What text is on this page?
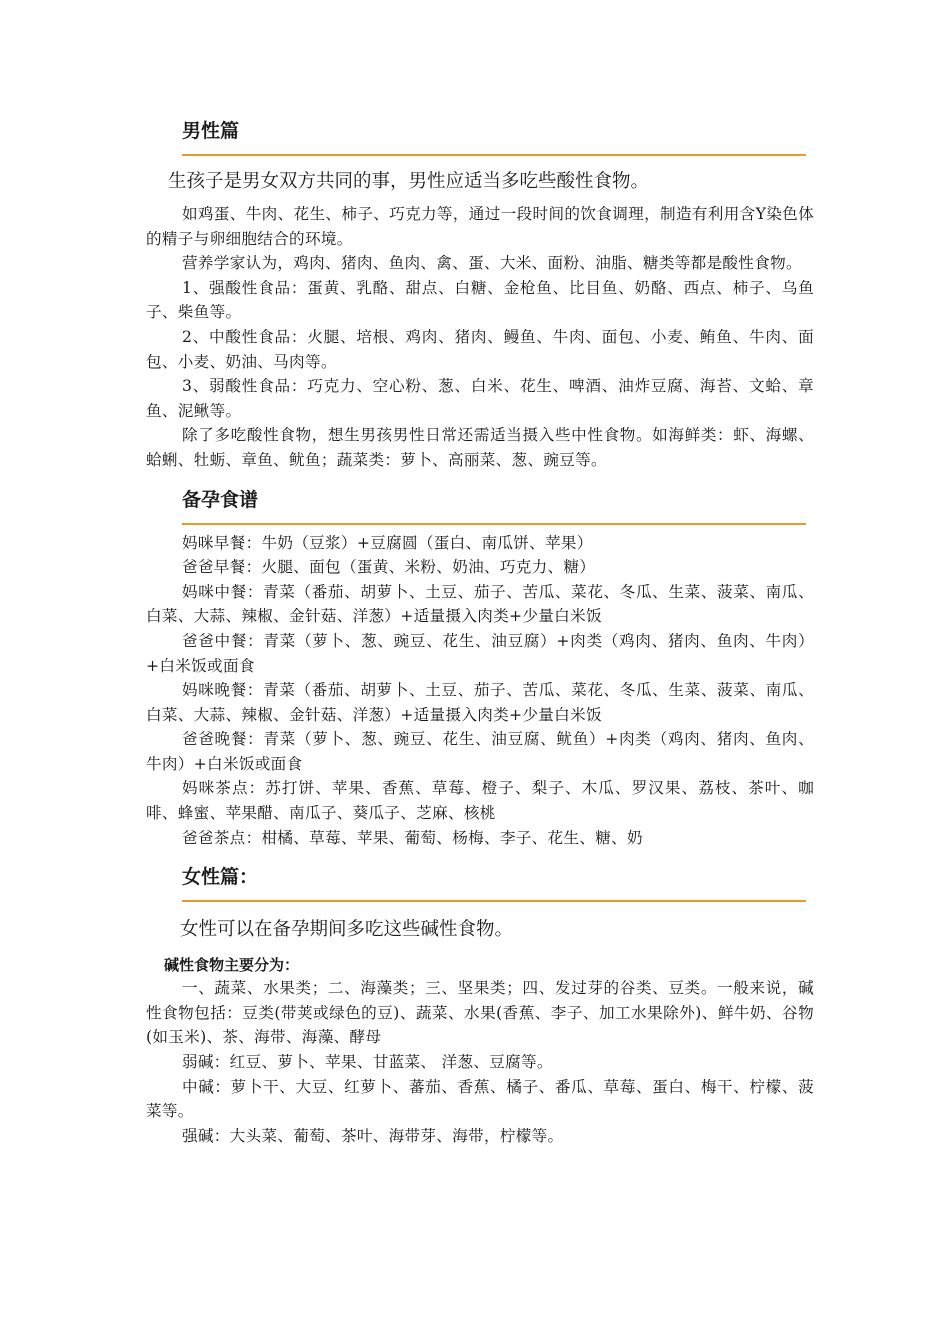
男性篇
生孩子是男女双方共同的事，男性应适当多吃些酸性食物。

如鸡蛋、牛肉、花生、柿子、巧克力等，通过一段时间的饮食调理，制造有利用含Y染色体的精子与卵细胞结合的环境。

营养学家认为，鸡肉、猪肉、鱼肉、禽、蛋、大米、面粉、油脂、糖类等都是酸性食物。

1、强酸性食品：蛋黄、乳酪、甜点、白糖、金枪鱼、比目鱼、奶酪、西点、柿子、乌鱼子、柴鱼等。

2、中酸性食品：火腿、培根、鸡肉、猪肉、鳗鱼、牛肉、面包、小麦、鲔鱼、牛肉、面包、小麦、奶油、马肉等。

3、弱酸性食品：巧克力、空心粉、葱、白米、花生、啤酒、油炸豆腐、海苔、文蛤、章鱼、泥鳅等。

除了多吃酸性食物，想生男孩男性日常还需适当摄入些中性食物。如海鲜类：虾、海螺、蛤蜊、牡蛎、章鱼、鱿鱼；蔬菜类：萝卜、高丽菜、葱、豌豆等。

备孕食谱

妈咪早餐：牛奶（豆浆）+豆腐圆（蛋白、南瓜饼、苹果）

爸爸早餐：火腿、面包（蛋黄、米粉、奶油、巧克力、糖）

妈咪中餐：青菜（番茄、胡萝卜、土豆、茄子、苦瓜、菜花、冬瓜、生菜、菠菜、南瓜、白菜、大蒜、辣椒、金针菇、洋葱）+适量摄入肉类+少量白米饭

爸爸中餐：青菜（萝卜、葱、豌豆、花生、油豆腐）+肉类（鸡肉、猪肉、鱼肉、牛肉）+白米饭或面食

妈咪晚餐：青菜（番茄、胡萝卜、土豆、茄子、苦瓜、菜花、冬瓜、生菜、菠菜、南瓜、白菜、大蒜、辣椒、金针菇、洋葱）+适量摄入肉类+少量白米饭

爸爸晚餐：青菜（萝卜、葱、豌豆、花生、油豆腐、鱿鱼）+肉类（鸡肉、猪肉、鱼肉、牛肉）+白米饭或面食

妈咪茶点：苏打饼、苹果、香蕉、草莓、橙子、梨子、木瓜、罗汉果、荔枝、茶叶、咖啡、蜂蜜、苹果醋、南瓜子、葵瓜子、芝麻、核桃

爸爸茶点：柑橘、草莓、苹果、葡萄、杨梅、李子、花生、糖、奶

女性篇：
女性可以在备孕期间多吃这些碱性食物。
碱性食物主要分为：

一、蔬菜、水果类；二、海藻类；三、坚果类；四、发过芽的谷类、豆类。一般来说，碱性食物包括：豆类(带荚或绿色的豆)、蔬菜、水果(香蕉、李子、加工水果除外)、鲜牛奶、谷物(如玉米)、茶、海带、海藻、酵母

弱碱：红豆、萝卜、苹果、甘蓝菜、 洋葱、豆腐等。

中碱：萝卜干、大豆、红萝卜、蕃茄、香蕉、橘子、番瓜、草莓、蛋白、梅干、柠檬、菠菜等。

强碱：大头菜、葡萄、茶叶、海带芽、海带，柠檬等。
